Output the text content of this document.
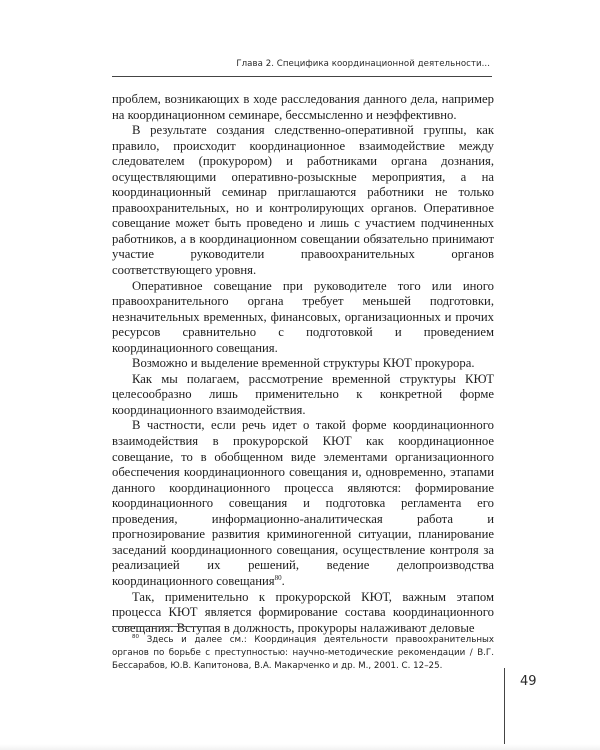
Глава 2. Специфика координационной деятельности...

проблем, возникающих в ходе расследования данного дела, например на координационном семинаре, бессмысленно и неэффективно.

В результате создания следственно-оперативной группы, как правило, происходит координационное взаимодействие между следователем (прокурором) и работниками органа дознания, осуществляющими оперативно-розыскные мероприятия, а на координационный семинар приглашаются работники не только правоохранительных, но и контролирующих органов. Оперативное совещание может быть проведено и лишь с участием подчиненных работников, а в координационном совещании обязательно принимают участие руководители правоохранительных органов соответствующего уровня.

Оперативное совещание при руководителе того или иного правоохранительного органа требует меньшей подготовки, незначительных временных, финансовых, организационных и прочих ресурсов сравнительно с подготовкой и проведением координационного совещания.

Возможно и выделение временной структуры КЮТ прокурора.

Как мы полагаем, рассмотрение временной структуры КЮТ целесообразно лишь применительно к конкретной форме координационного взаимодействия.

В частности, если речь идет о такой форме координационного взаимодействия в прокурорской КЮТ как координационное совещание, то в обобщенном виде элементами организационного обеспечения координационного совещания и, одновременно, этапами данного координационного процесса являются: формирование координационного совещания и подготовка регламента его проведения, информационно-аналитическая работа и прогнозирование развития криминогенной ситуации, планирование заседаний координационного совещания, осуществление контроля за реализацией их решений, ведение делопроизводства координационного совещания$^{80}$.

Так, применительно к прокурорской КЮТ, важным этапом процесса КЮТ является формирование состава координационного совещания. Вступая в должность, прокуроры налаживают деловые

$^{80}$ Здесь и далее см.: Координация деятельности правоохранительных органов по борьбе с преступностью: научно-методические рекомендации / В.Г. Бессарабов, Ю.В. Капитонова, В.А. Макарченко и др. М., 2001. С. 12–25.

49
